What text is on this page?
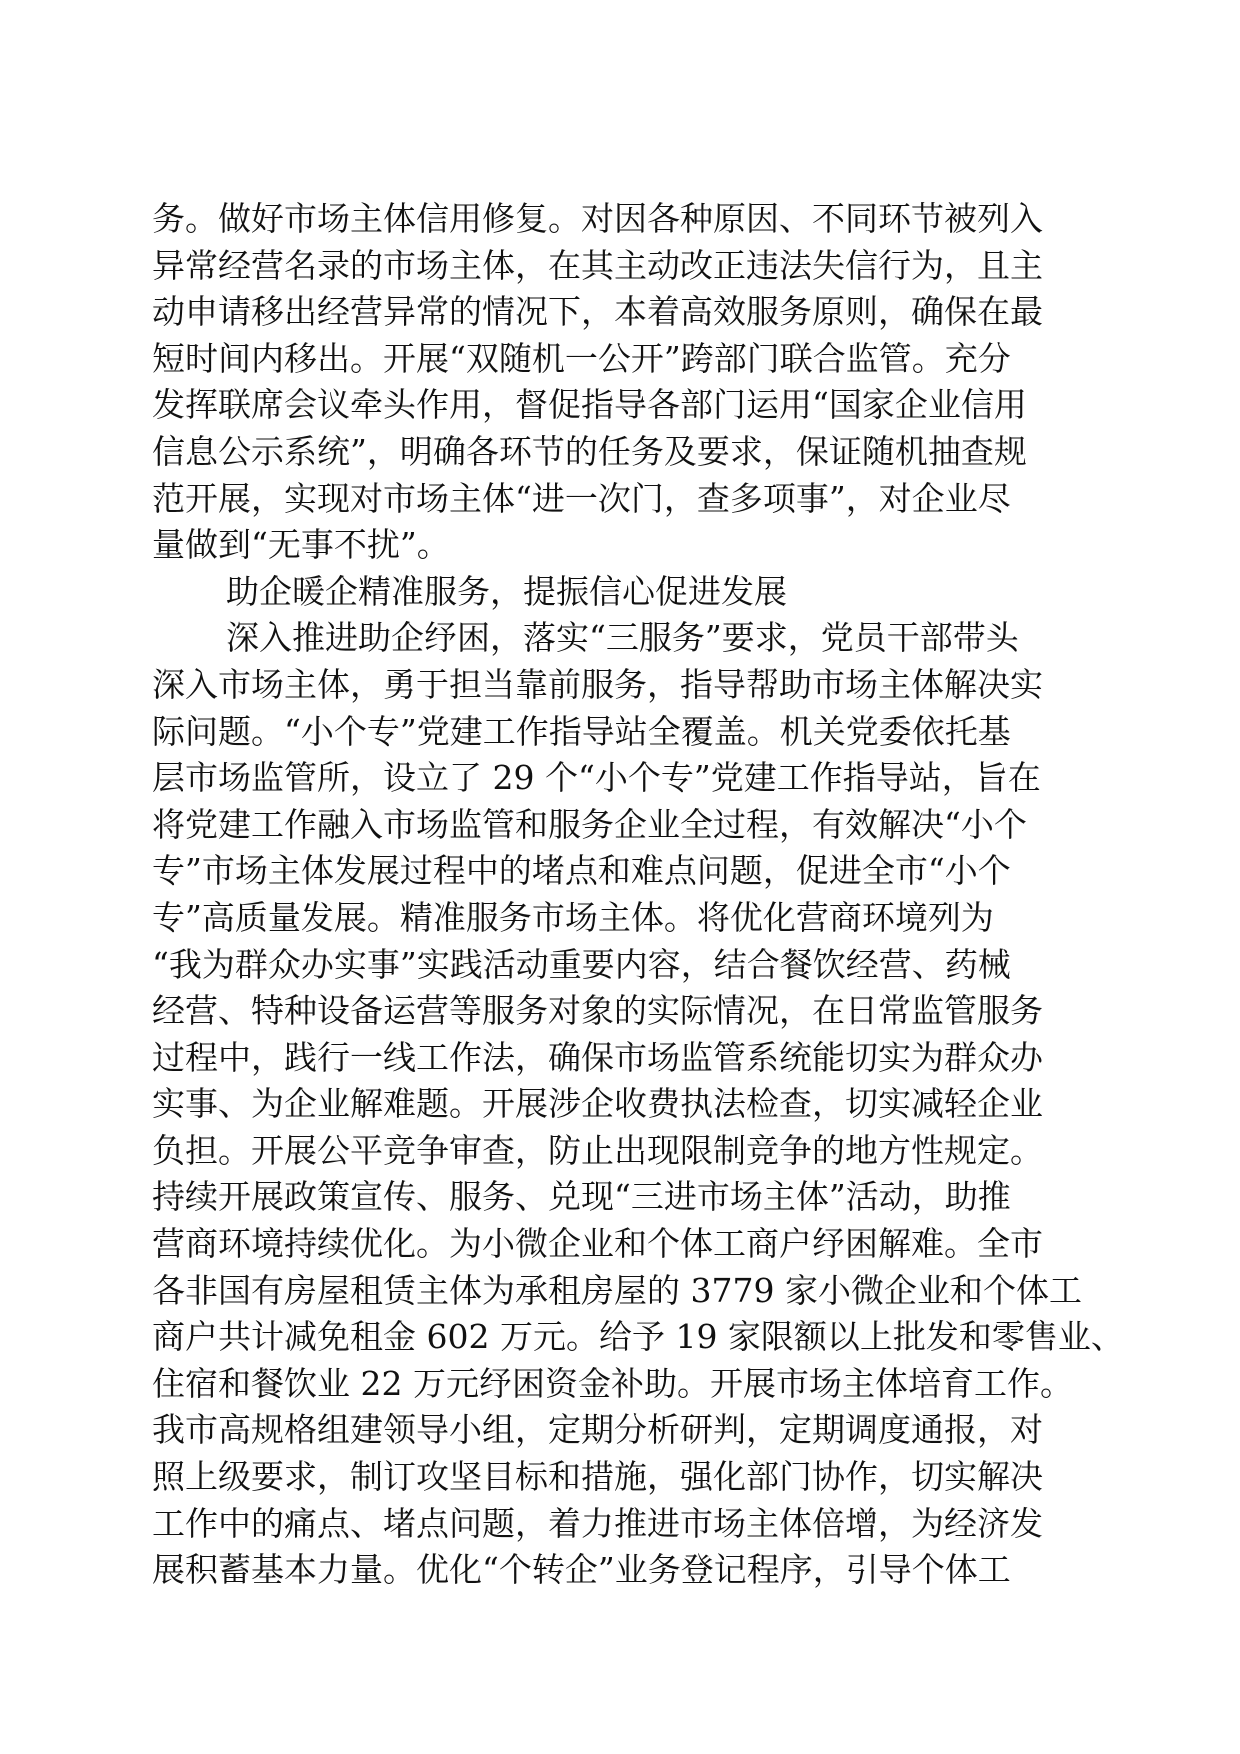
务。做好市场主体信用修复。对因各种原因、不同环节被列入
异常经营名录的市场主体，在其主动改正违法失信行为，且主
动申请移出经营异常的情况下，本着高效服务原则，确保在最
短时间内移出。开展“双随机一公开”跨部门联合监管。充分
发挥联席会议牵头作用，督促指导各部门运用“国家企业信用
信息公示系统”，明确各环节的任务及要求，保证随机抽查规
范开展，实现对市场主体“进一次门，查多项事”，对企业尽
量做到“无事不扰”。
助企暖企精准服务，提振信心促进发展
深入推进助企纾困，落实“三服务”要求，党员干部带头
深入市场主体，勇于担当靠前服务，指导帮助市场主体解决实
际问题。“小个专”党建工作指导站全覆盖。机关党委依托基
层市场监管所，设立了 29 个“小个专”党建工作指导站，旨在
将党建工作融入市场监管和服务企业全过程，有效解决“小个
专”市场主体发展过程中的堵点和难点问题，促进全市“小个
专”高质量发展。精准服务市场主体。将优化营商环境列为
“我为群众办实事”实践活动重要内容，结合餐饮经营、药械
经营、特种设备运营等服务对象的实际情况，在日常监管服务
过程中，践行一线工作法，确保市场监管系统能切实为群众办
实事、为企业解难题。开展涉企收费执法检查，切实减轻企业
负担。开展公平竞争审查，防止出现限制竞争的地方性规定。
持续开展政策宣传、服务、兑现“三进市场主体”活动，助推
营商环境持续优化。为小微企业和个体工商户纾困解难。全市
各非国有房屋租赁主体为承租房屋的 3779 家小微企业和个体工
商户共计减免租金 602 万元。给予 19 家限额以上批发和零售业、
住宿和餐饮业 22 万元纾困资金补助。开展市场主体培育工作。
我市高规格组建领导小组，定期分析研判，定期调度通报，对
照上级要求，制订攻坚目标和措施，强化部门协作，切实解决
工作中的痛点、堵点问题，着力推进市场主体倍增，为经济发
展积蓄基本力量。优化“个转企”业务登记程序，引导个体工
